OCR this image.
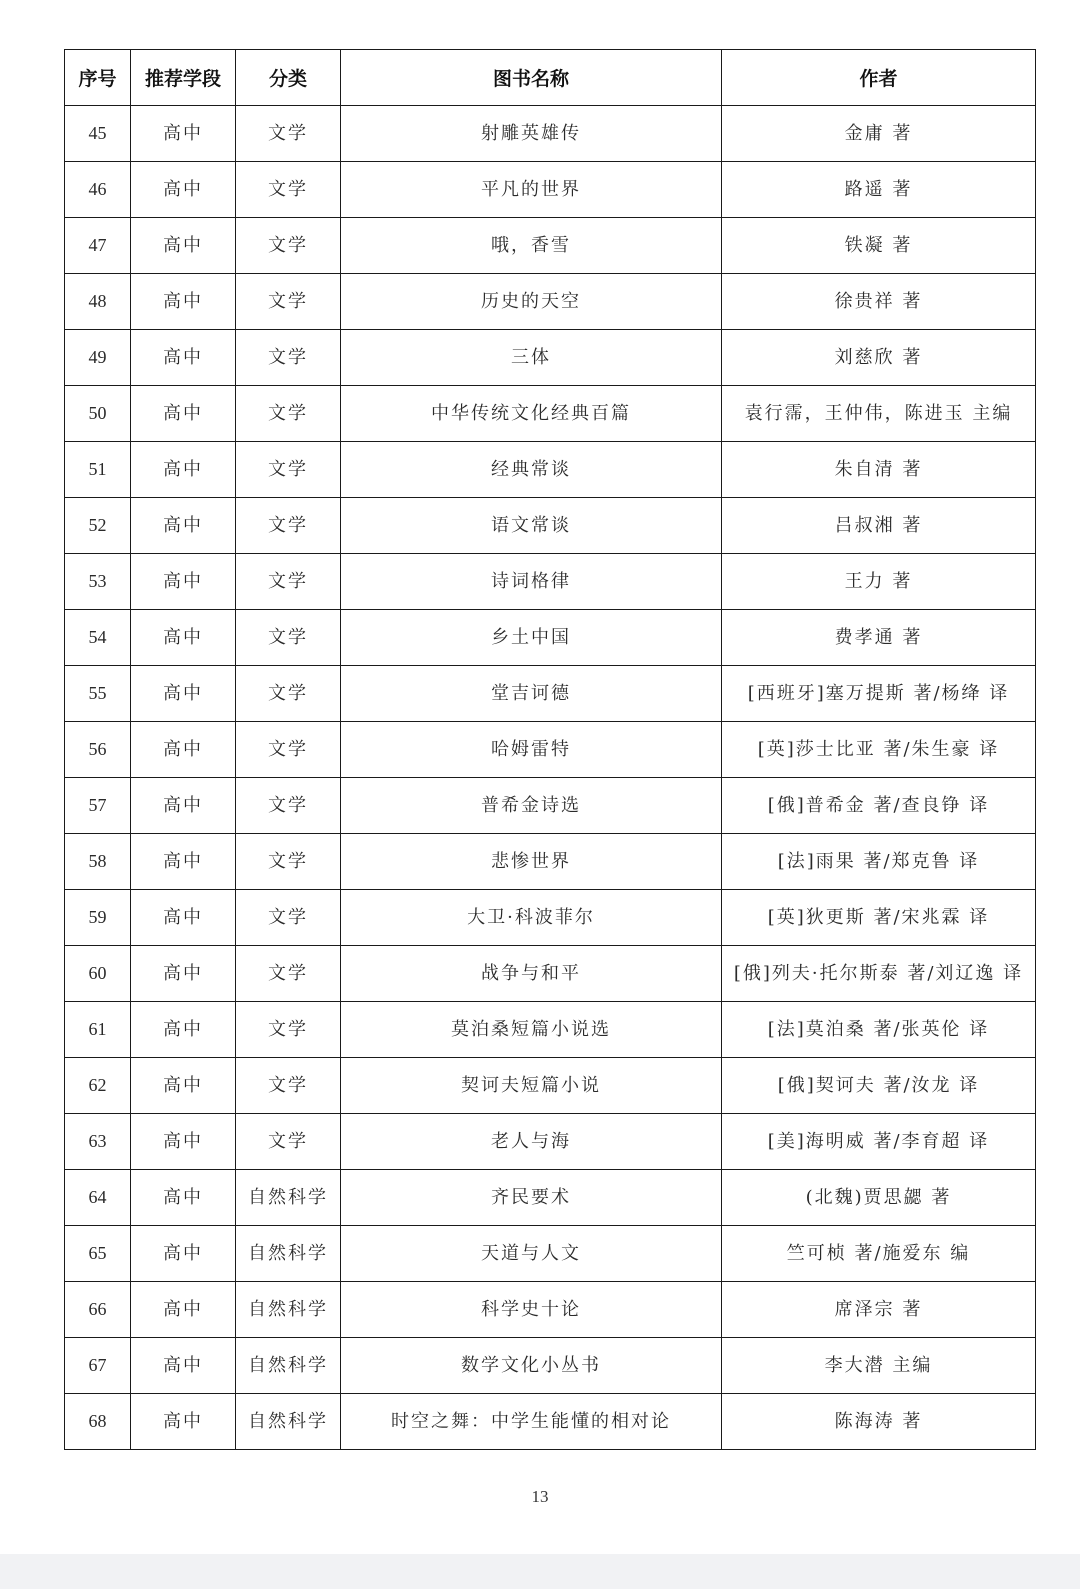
序号	推荐学段	分类	图书名称	作者
45	高中	文学	射雕英雄传	金庸 著
46	高中	文学	平凡的世界	路遥 著
47	高中	文学	哦，香雪	铁凝 著
48	高中	文学	历史的天空	徐贵祥 著
49	高中	文学	三体	刘慈欣 著
50	高中	文学	中华传统文化经典百篇	袁行霈，王仲伟，陈进玉 主编
51	高中	文学	经典常谈	朱自清 著
52	高中	文学	语文常谈	吕叔湘 著
53	高中	文学	诗词格律	王力 著
54	高中	文学	乡土中国	费孝通 著
55	高中	文学	堂吉诃德	[西班牙]塞万提斯 著/杨绛 译
56	高中	文学	哈姆雷特	[英]莎士比亚 著/朱生豪 译
57	高中	文学	普希金诗选	[俄]普希金 著/查良铮 译
58	高中	文学	悲惨世界	[法]雨果 著/郑克鲁 译
59	高中	文学	大卫·科波菲尔	[英]狄更斯 著/宋兆霖 译
60	高中	文学	战争与和平	[俄]列夫·托尔斯泰 著/刘辽逸 译
61	高中	文学	莫泊桑短篇小说选	[法]莫泊桑 著/张英伦 译
62	高中	文学	契诃夫短篇小说	[俄]契诃夫 著/汝龙 译
63	高中	文学	老人与海	[美]海明威 著/李育超 译
64	高中	自然科学	齐民要术	(北魏)贾思勰 著
65	高中	自然科学	天道与人文	竺可桢 著/施爱东 编
66	高中	自然科学	科学史十论	席泽宗 著
67	高中	自然科学	数学文化小丛书	李大潜 主编
68	高中	自然科学	时空之舞：中学生能懂的相对论	陈海涛 著
13
